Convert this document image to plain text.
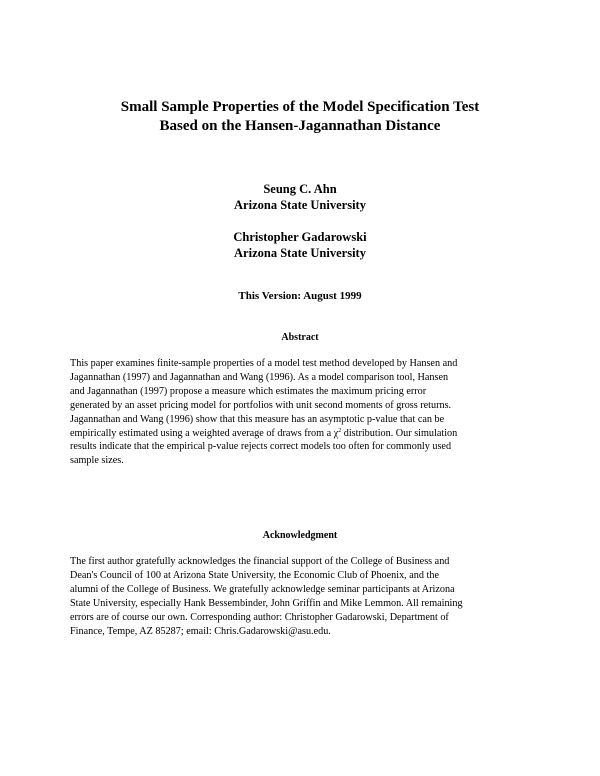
Small Sample Properties of the Model Specification Test
Based on the Hansen-Jagannathan Distance
Seung C. Ahn
Arizona State University
Christopher Gadarowski
Arizona State University
This Version: August 1999
Abstract
This paper examines finite-sample properties of a model test method developed by Hansen and
Jagannathan (1997) and Jagannathan and Wang (1996). As a model comparison tool, Hansen
and Jagannathan (1997) propose a measure which estimates the maximum pricing error
generated by an asset pricing model for portfolios with unit second moments of gross returns.
Jagannathan and Wang (1996) show that this measure has an asymptotic p-value that can be
empirically estimated using a weighted average of draws from a $\chi^2$ distribution. Our simulation
results indicate that the empirical p-value rejects correct models too often for commonly used
sample sizes.
Acknowledgment
The first author gratefully acknowledges the financial support of the College of Business and
Dean's Council of 100 at Arizona State University, the Economic Club of Phoenix, and the
alumni of the College of Business. We gratefully acknowledge seminar participants at Arizona
State University, especially Hank Bessembinder, John Griffin and Mike Lemmon. All remaining
errors are of course our own. Corresponding author: Christopher Gadarowski, Department of
Finance, Tempe, AZ 85287; email: Chris.Gadarowski@asu.edu.
